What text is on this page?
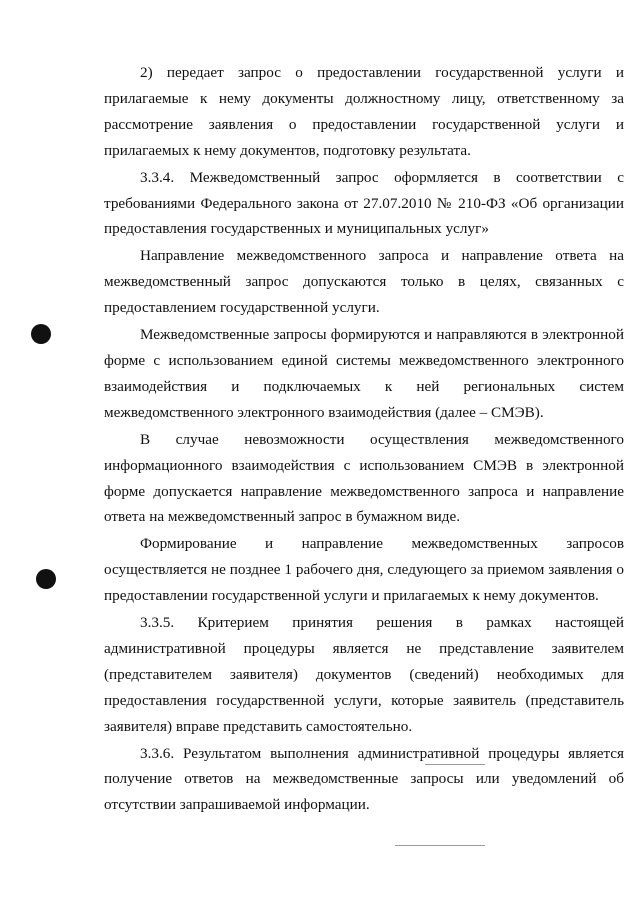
2) передает запрос о предоставлении государственной услуги и прилагаемые к нему документы должностному лицу, ответственному за рассмотрение заявления о предоставлении государственной услуги и прилагаемых к нему документов, подготовку результата.

3.3.4. Межведомственный запрос оформляется в соответствии с требованиями Федерального закона от 27.07.2010 № 210-ФЗ «Об организации предоставления государственных и муниципальных услуг»

Направление межведомственного запроса и направление ответа на межведомственный запрос допускаются только в целях, связанных с предоставлением государственной услуги.

Межведомственные запросы формируются и направляются в электронной форме с использованием единой системы межведомственного электронного взаимодействия и подключаемых к ней региональных систем межведомственного электронного взаимодействия (далее – СМЭВ).

В случае невозможности осуществления межведомственного информационного взаимодействия с использованием СМЭВ в электронной форме допускается направление межведомственного запроса и направление ответа на межведомственный запрос в бумажном виде.

Формирование и направление межведомственных запросов осуществляется не позднее 1 рабочего дня, следующего за приемом заявления о предоставлении государственной услуги и прилагаемых к нему документов.

3.3.5. Критерием принятия решения в рамках настоящей административной процедуры является не представление заявителем (представителем заявителя) документов (сведений) необходимых для предоставления государственной услуги, которые заявитель (представитель заявителя) вправе представить самостоятельно.

3.3.6. Результатом выполнения административной процедуры является получение ответов на межведомственные запросы или уведомлений об отсутствии запрашиваемой информации.
